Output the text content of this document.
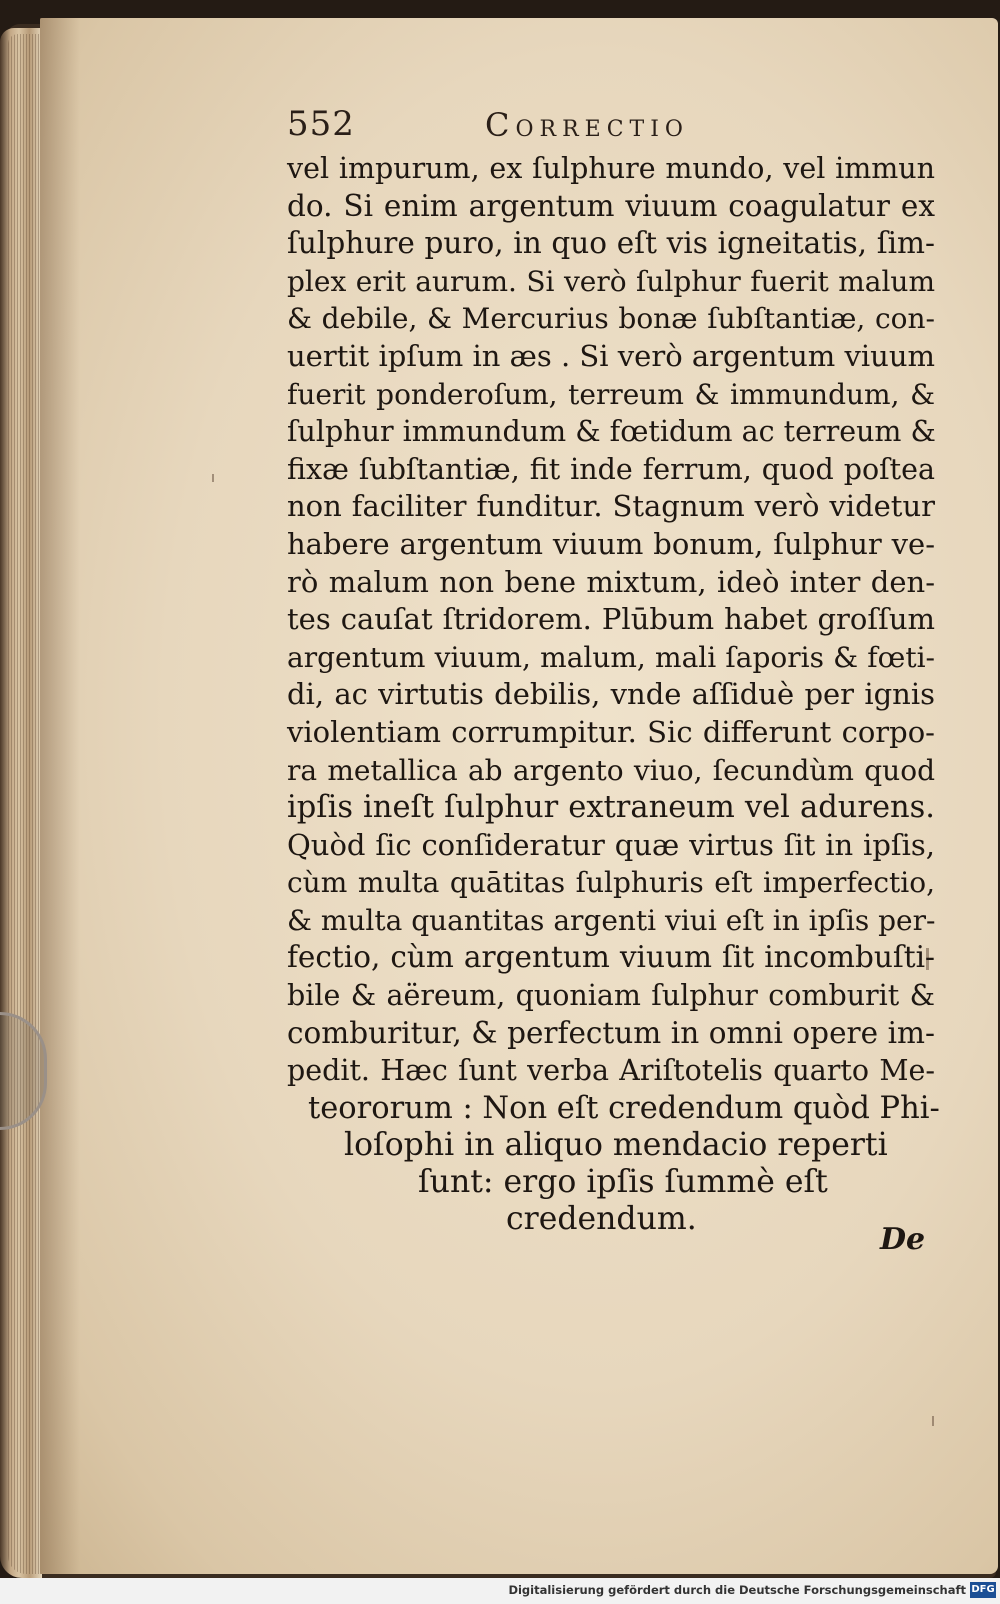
552	Correctio
vel impurum, ex ſulphure mundo, vel immun
do. Si enim argentum viuum coagulatur ex
ſulphure puro, in quo eſt vis igneitatis, ſim-
plex erit aurum. Si verò ſulphur fuerit malum
& debile, & Mercurius bonæ ſubſtantiæ, con-
uertit ipſum in æs . Si verò argentum viuum
fuerit ponderoſum, terreum & immundum, &
ſulphur immundum & fœtidum ac terreum &
fixæ ſubſtantiæ, fit inde ferrum, quod poſtea
non faciliter funditur. Stagnum verò videtur
habere argentum viuum bonum, ſulphur ve-
rò malum non bene mixtum, ideò inter den-
tes cauſat ſtridorem. Plūbum habet groſſum
argentum viuum, malum, mali ſaporis & fœti-
di, ac virtutis debilis, vnde aſſiduè per ignis
violentiam corrumpitur. Sic differunt corpo-
ra metallica ab argento viuo, ſecundùm quod
ipſis ineſt ſulphur extraneum vel adurens.
Quòd ſic conſideratur quæ virtus ſit in ipſis,
cùm multa quātitas ſulphuris eſt imperfectio,
& multa quantitas argenti viui eſt in ipſis per-
fectio, cùm argentum viuum ſit incombuſti-
bile & aëreum, quoniam ſulphur comburit &
comburitur, & perfectum in omni opere im-
pedit. Hæc ſunt verba Ariſtotelis quarto Me-
teororum : Non eſt credendum quòd Phi-
loſophi in aliquo mendacio reperti
ſunt: ergo ipſis ſummè eſt
credendum.
De
Digitalisierung gefördert durch die Deutsche Forschungsgemeinschaft DFG
